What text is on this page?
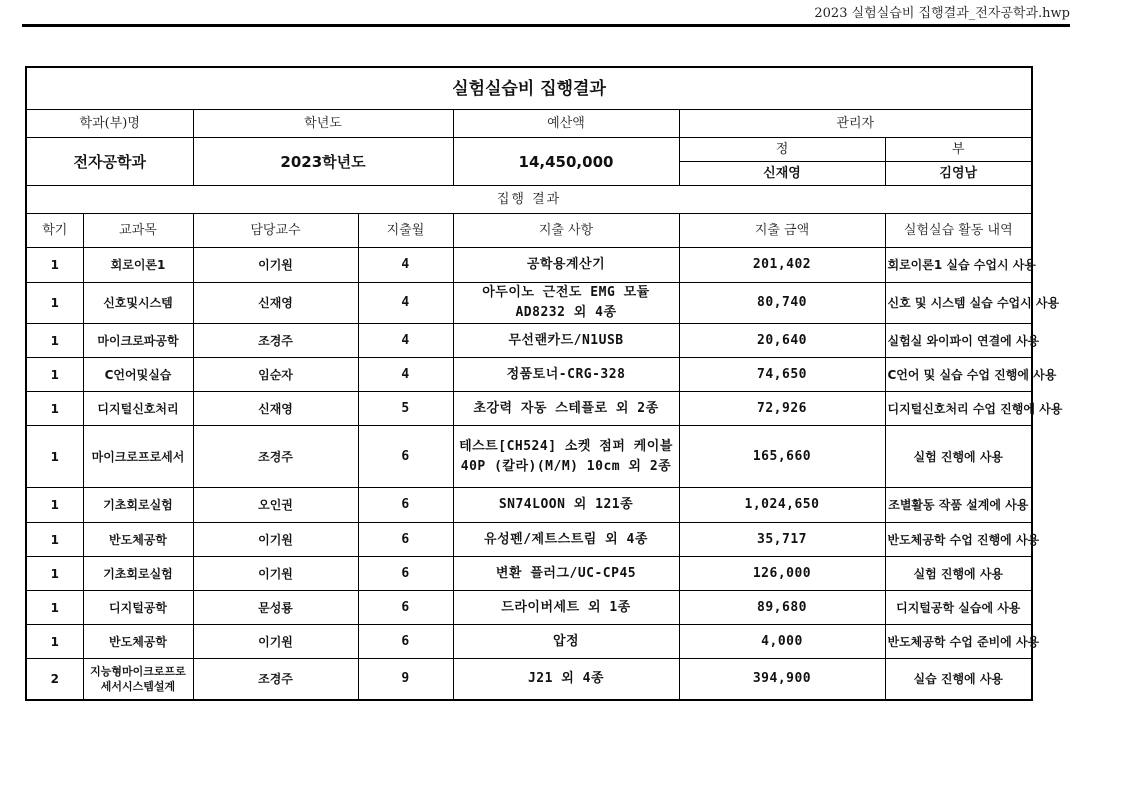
2023 실험실습비 집행결과_전자공학과.hwp
실험실습비 집행결과						
학과(부)명		학년도		예산액	관리자	
전자공학과		2023학년도		14,450,000	정	부
					신재영	김영남
집행 결과						
학기	교과목	담당교수	지출월	지출 사항	지출 금액	실험실습 활동 내역
1	회로이론1	이기원	4	공학용계산기	201,402	회로이론1 실습 수업시 사용
1	신호및시스템	신재영	4	아두이노 근전도 EMG 모듈 AD8232 외 4종	80,740	신호 및 시스템 실습 수업시 사용
1	마이크로파공학	조경주	4	무선랜카드/N1USB	20,640	실험실 와이파이 연결에 사용
1	C언어및실습	임순자	4	정품토너-CRG-328	74,650	C언어 및 실습 수업 진행에 사용
1	디지털신호처리	신재영	5	초강력 자동 스테플로 외 2종	72,926	디지털신호처리 수업 진행에 사용
1	마이크로프로세서	조경주	6	테스트[CH524] 소켓 점퍼 케이블 40P (칼라)(M/M) 10cm 외 2종	165,660	실험 진행에 사용
1	기초회로실험	오인권	6	SN74LOON 외 121종	1,024,650	조별활동 작품 설계에 사용
1	반도체공학	이기원	6	유성펜/제트스트림 외 4종	35,717	반도체공학 수업 진행에 사용
1	기초회로실험	이기원	6	변환 플러그/UC-CP45	126,000	실험 진행에 사용
1	디지털공학	문성룡	6	드라이버세트 외 1종	89,680	디지털공학 실습에 사용
1	반도체공학	이기원	6	압정	4,000	반도체공학 수업 준비에 사용
2	지능형마이크로프로세서시스템설계	조경주	9	J21 외 4종	394,900	실습 진행에 사용
